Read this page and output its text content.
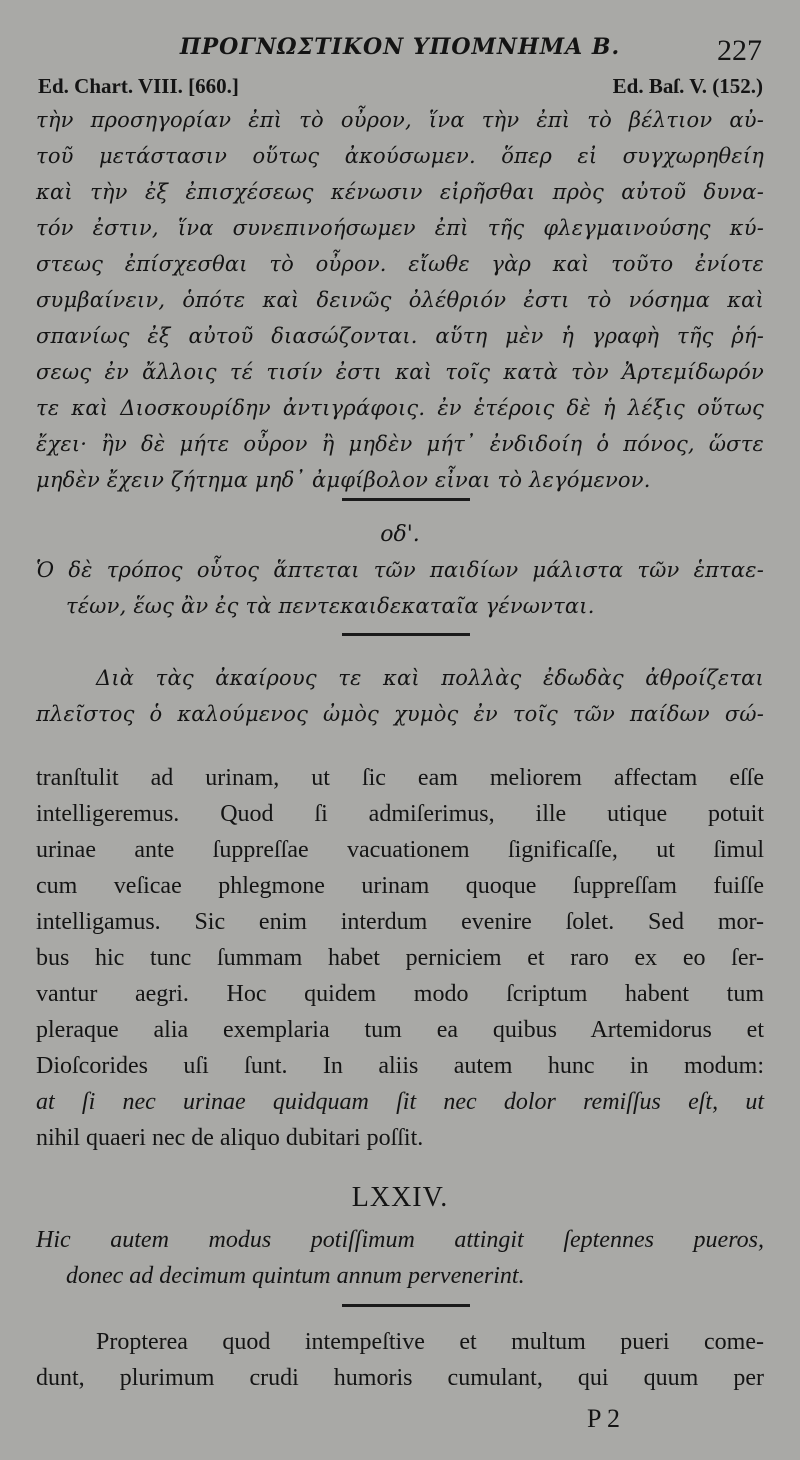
ΠΡΟΓΝΩΣΤΙΚΟΝ ΥΠΟΜΝΗΜΑ Β.	227
Ed. Chart. VIII. [660.]	Ed. Baſ. V. (152.)
τὴν προσηγορίαν ἐπὶ τὸ οὖρον, ἵνα τὴν ἐπὶ τὸ βέλτιον αὐ-
τοῦ μετάστασιν οὕτως ἀκούσωμεν. ὅπερ εἰ συγχωρηθείη
καὶ τὴν ἐξ ἐπισχέσεως κένωσιν εἰρῆσθαι πρὸς αὐτοῦ δυνα-
τόν ἐστιν, ἵνα συνεπινοήσωμεν ἐπὶ τῆς φλεγμαινούσης κύ-
στεως ἐπίσχεσθαι τὸ οὖρον. εἴωθε γὰρ καὶ τοῦτο ἐνίοτε
συμβαίνειν, ὁπότε καὶ δεινῶς ὀλέθριόν ἐστι τὸ νόσημα καὶ
σπανίως ἐξ αὐτοῦ διασώζονται. αὕτη μὲν ἡ γραφὴ τῆς ῥή-
σεως ἐν ἄλλοις τέ τισίν ἐστι καὶ τοῖς κατὰ τὸν Ἀρτεμίδωρόν
τε καὶ Διοσκουρίδην ἀντιγράφοις. ἐν ἑτέροις δὲ ἡ λέξις οὕτως
ἔχει· ἢν δὲ μήτε οὖρον ἢ μηδὲν μήτ᾽ ἐνδιδοίη ὁ πόνος, ὥστε
μηδὲν ἔχειν ζήτημα μηδ᾽ ἀμφίβολον εἶναι τὸ λεγόμενον.
οδ'.
Ὁ δὲ τρόπος οὗτος ἅπτεται τῶν παιδίων μάλιστα τῶν ἑπταε-
τέων, ἕως ἂν ἐς τὰ πεντεκαιδεκαταῖα γένωνται.
Διὰ τὰς ἀκαίρους τε καὶ πολλὰς ἐδωδὰς ἀθροίζεται
πλεῖστος ὁ καλούμενος ὠμὸς χυμὸς ἐν τοῖς τῶν παίδων σώ-
tranſtulit ad urinam, ut ſic eam meliorem affectam eſſe
intelligeremus. Quod ſi admiſerimus, ille utique potuit
urinae ante ſuppreſſae vacuationem ſignificaſſe, ut ſimul
cum veſicae phlegmone urinam quoque ſuppreſſam fuiſſe
intelligamus. Sic enim interdum evenire ſolet. Sed mor-
bus hic tunc ſummam habet perniciem et raro ex eo ſer-
vantur aegri. Hoc quidem modo ſcriptum habent tum
pleraque alia exemplaria tum ea quibus Artemidorus et
Dioſcorides uſi ſunt. In aliis autem hunc in modum:
at ſi nec urinae quidquam ſit nec dolor remiſſus eſt, ut
nihil quaeri nec de aliquo dubitari poſſit.
LXXIV.
Hic autem modus potiſſimum attingit ſeptennes pueros,
donec ad decimum quintum annum pervenerint.
Propterea quod intempeſtive et multum pueri come-
dunt, plurimum crudi humoris cumulant, qui quum per
P 2
